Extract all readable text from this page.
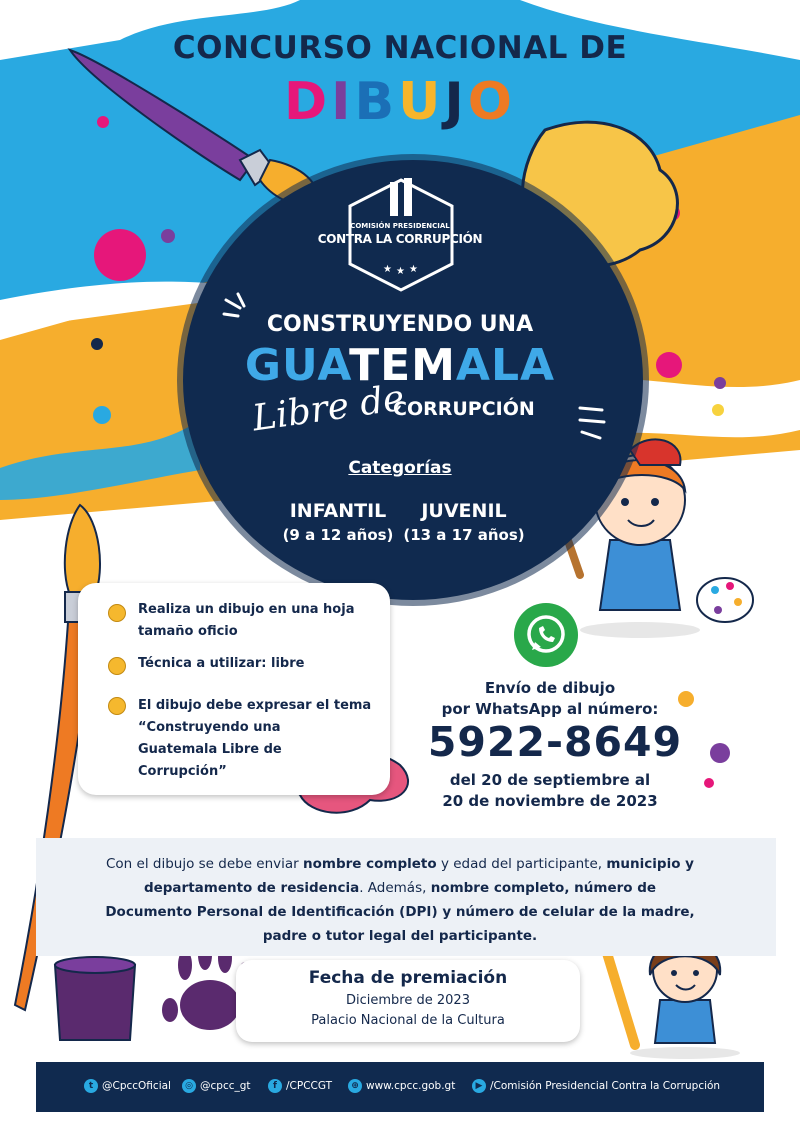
CONCURSO NACIONAL DE
DIBUJO
★ ★ ★
COMISIÓN PRESIDENCIAL
CONTRA LA CORRUPCIÓN
CONSTRUYENDO UNA
GUATEMALA
Libre de
CORRUPCIÓN
Categorías
INFANTIL
(9 a 12 años)
JUVENIL
(13 a 17 años)
Realiza un dibujo en una hoja
tamaño oficio
Técnica a utilizar: libre
El dibujo debe expresar el tema
“Construyendo una
Guatemala Libre de
Corrupción”
Envío de dibujo
por WhatsApp al número:
5922-8649
del 20 de septiembre al
20 de noviembre de 2023
Con el dibujo se debe enviar nombre completo y edad del participante, municipio y departamento de residencia. Además, nombre completo, número de Documento Personal de Identificación (DPI) y número de celular de la madre, padre o tutor legal del participante.
Fecha de premiación
Diciembre de 2023
Palacio Nacional de la Cultura
t @CpccOficial	◎ @cpcc_gt	f /CPCCGT	⊕ www.cpcc.gob.gt	▶ /Comisión Presidencial Contra la Corrupción
